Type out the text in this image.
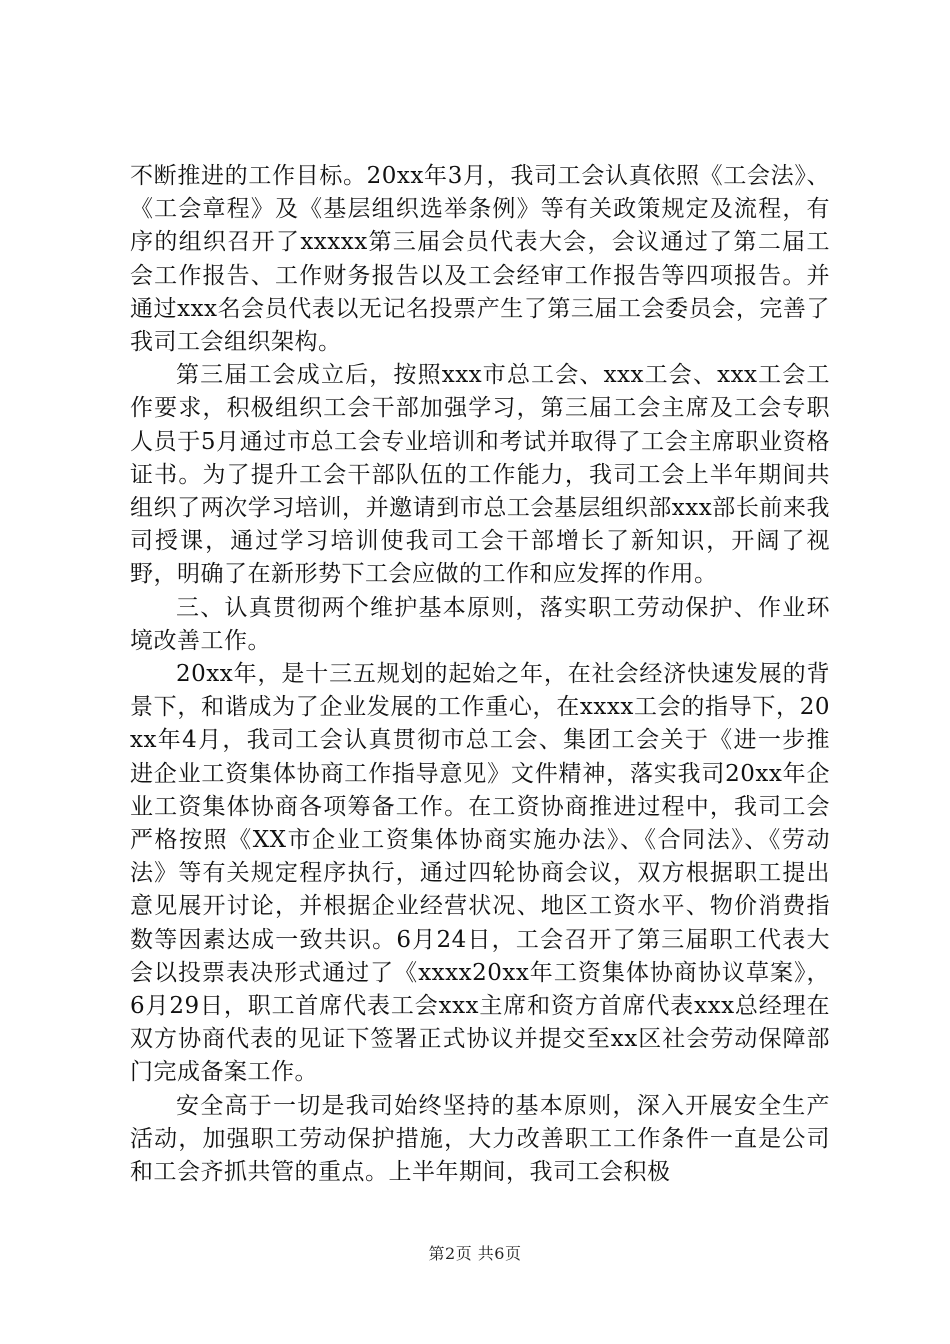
不断推进的工作目标。20xx年3月，我司工会认真依照《工会法》、《工会章程》及《基层组织选举条例》等有关政策规定及流程，有序的组织召开了xxxxx第三届会员代表大会，会议通过了第二届工会工作报告、工作财务报告以及工会经审工作报告等四项报告。并通过xxx名会员代表以无记名投票产生了第三届工会委员会，完善了我司工会组织架构。

第三届工会成立后，按照xxx市总工会、xxx工会、xxx工会工作要求，积极组织工会干部加强学习，第三届工会主席及工会专职人员于5月通过市总工会专业培训和考试并取得了工会主席职业资格证书。为了提升工会干部队伍的工作能力，我司工会上半年期间共组织了两次学习培训，并邀请到市总工会基层组织部xxx部长前来我司授课，通过学习培训使我司工会干部增长了新知识，开阔了视野，明确了在新形势下工会应做的工作和应发挥的作用。

三、认真贯彻两个维护基本原则，落实职工劳动保护、作业环境改善工作。

20xx年，是十三五规划的起始之年，在社会经济快速发展的背景下，和谐成为了企业发展的工作重心，在xxxx工会的指导下，20xx年4月，我司工会认真贯彻市总工会、集团工会关于《进一步推进企业工资集体协商工作指导意见》文件精神，落实我司20xx年企业工资集体协商各项筹备工作。在工资协商推进过程中，我司工会严格按照《XX市企业工资集体协商实施办法》、《合同法》、《劳动法》等有关规定程序执行，通过四轮协商会议，双方根据职工提出意见展开讨论，并根据企业经营状况、地区工资水平、物价消费指数等因素达成一致共识。6月24日，工会召开了第三届职工代表大会以投票表决形式通过了《xxxx20xx年工资集体协商协议草案》，6月29日，职工首席代表工会xxx主席和资方首席代表xxx总经理在双方协商代表的见证下签署正式协议并提交至xx区社会劳动保障部门完成备案工作。

安全高于一切是我司始终坚持的基本原则，深入开展安全生产活动，加强职工劳动保护措施，大力改善职工工作条件一直是公司和工会齐抓共管的重点。上半年期间，我司工会积极

第2页 共6页
